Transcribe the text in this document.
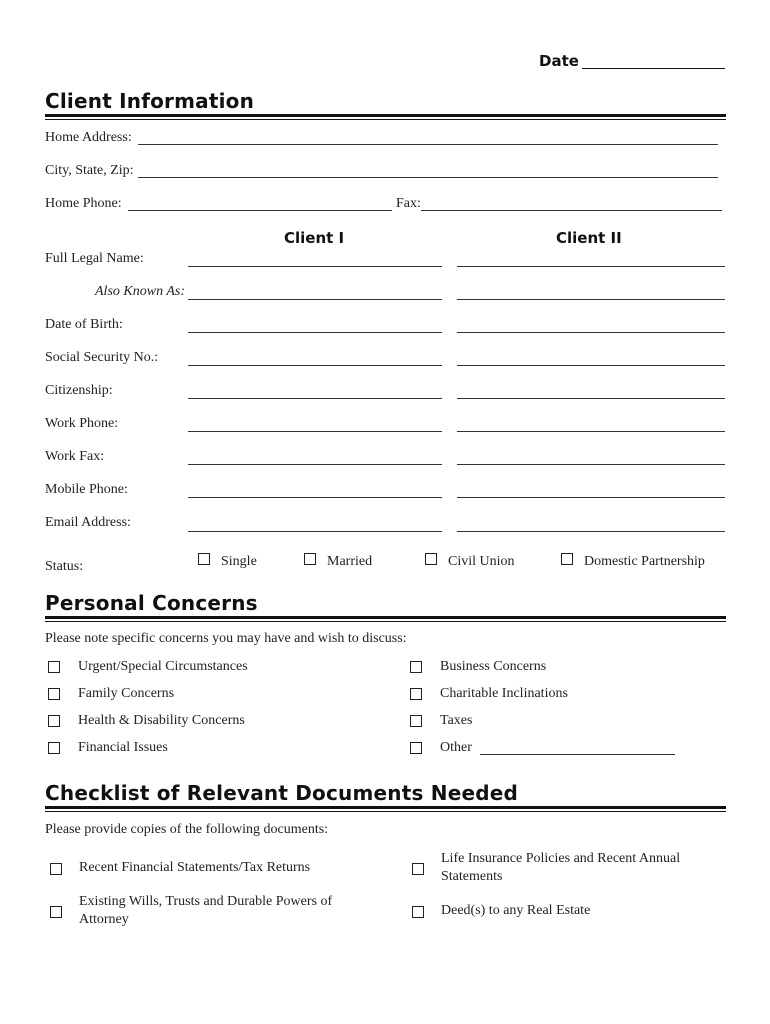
Date
Client Information
Home Address:
City, State, Zip:
Home Phone:	Fax:
Client I	Client II
Full Legal Name:
Also Known As:
Date of Birth:
Social Security No.:
Citizenship:
Work Phone:
Work Fax:
Mobile Phone:
Email Address:
Status:	Single	Married	Civil Union	Domestic Partnership
Personal Concerns
Please note specific concerns you may have and wish to discuss:
Urgent/Special Circumstances
Family Concerns
Health & Disability Concerns
Financial Issues
Business Concerns
Charitable Inclinations
Taxes
Other
Checklist of Relevant Documents Needed
Please provide copies of the following documents:
Recent Financial Statements/Tax Returns
Life Insurance Policies and Recent Annual
Statements
Existing Wills, Trusts and Durable Powers of
Attorney
Deed(s) to any Real Estate
